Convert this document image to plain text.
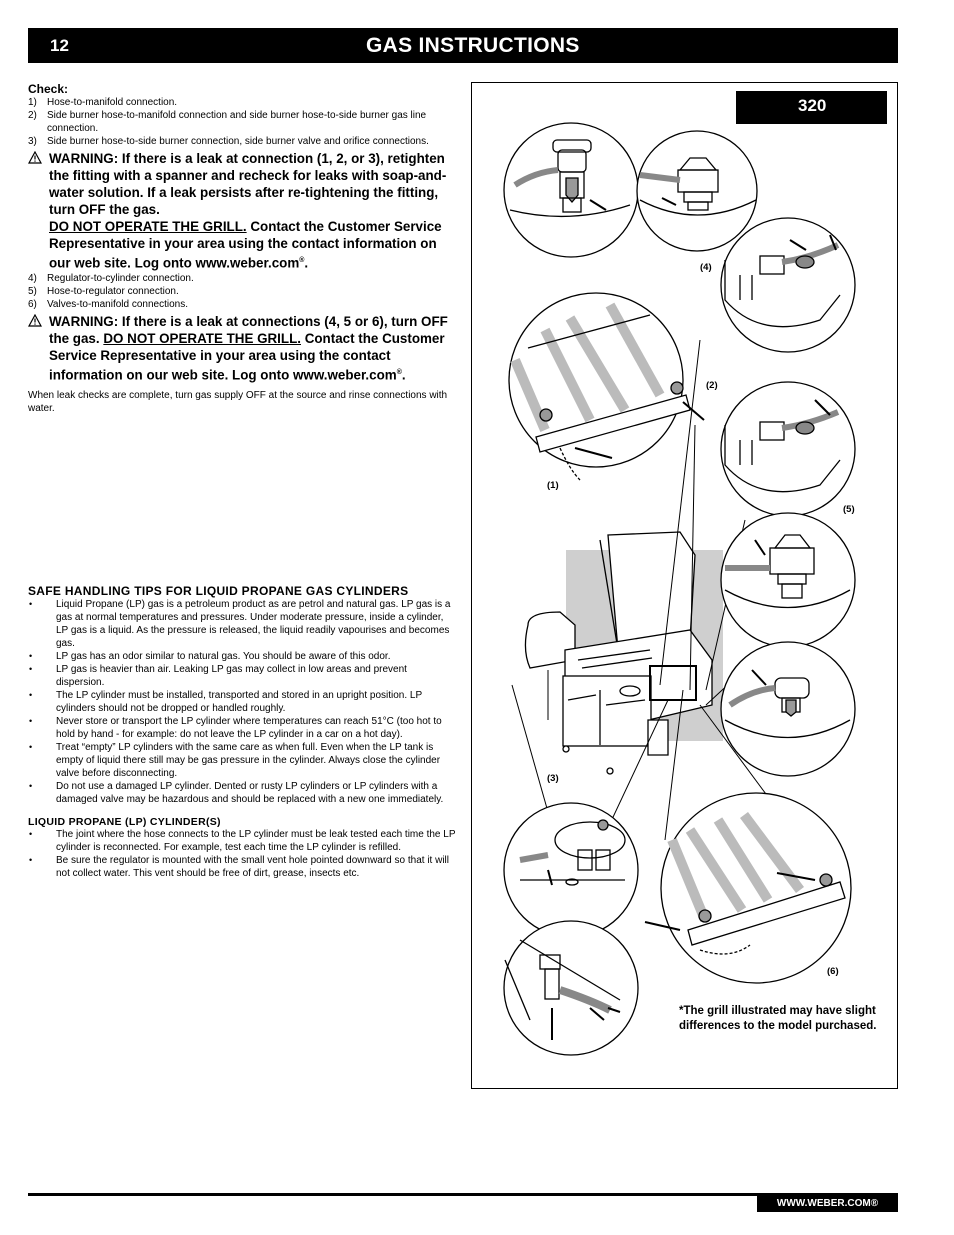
12	GAS INSTRUCTIONS
Check:
1) Hose-to-manifold connection.
2) Side burner hose-to-manifold connection and side burner hose-to-side burner gas line connection.
3) Side burner hose-to-side burner connection, side burner valve and orifice connections.
WARNING: If there is a leak at connection (1, 2, or 3), retighten the fitting with a spanner and recheck for leaks with soap-and-water solution. If a leak persists after re-tightening the fitting, turn OFF the gas.
DO NOT OPERATE THE GRILL. Contact the Customer Service Representative in your area using the contact information on our web site. Log onto www.weber.com®.
4) Regulator-to-cylinder connection.
5) Hose-to-regulator connection.
6) Valves-to-manifold connections.
WARNING: If there is a leak at connections (4, 5 or 6), turn OFF the gas. DO NOT OPERATE THE GRILL. Contact the Customer Service Representative in your area using the contact information on our web site. Log onto www.weber.com®.
When leak checks are complete, turn gas supply OFF at the source and rinse connections with water.
SAFE HANDLING TIPS FOR LIQUID PROPANE GAS CYLINDERS
• Liquid Propane (LP) gas is a petroleum product as are petrol and natural gas. LP gas is a gas at normal temperatures and pressures. Under moderate pressure, inside a cylinder, LP gas is a liquid. As the pressure is released, the liquid readily vapourises and becomes gas.
• LP gas has an odor similar to natural gas. You should be aware of this odor.
• LP gas is heavier than air. Leaking LP gas may collect in low areas and prevent dispersion.
• The LP cylinder must be installed, transported and stored in an upright position. LP cylinders should not be dropped or handled roughly.
• Never store or transport the LP cylinder where temperatures can reach 51°C (too hot to hold by hand - for example: do not leave the LP cylinder in a car on a hot day).
• Treat “empty” LP cylinders with the same care as when full. Even when the LP tank is empty of liquid there still may be gas pressure in the cylinder. Always close the cylinder valve before disconnecting.
• Do not use a damaged LP cylinder. Dented or rusty LP cylinders or LP cylinders with a damaged valve may be hazardous and should be replaced with a new one immediately.
LIQUID PROPANE (LP) CYLINDER(S)
• The joint where the hose connects to the LP cylinder must be leak tested each time the LP cylinder is reconnected. For example, test each time the LP cylinder is refilled.
• Be sure the regulator is mounted with the small vent hole pointed downward so that it will not collect water. This vent should be free of dirt, grease, insects etc.
320
(4)
(2)
(1)
(5)
(3)
(6)
*The grill illustrated may have slight differences to the model purchased.
WWW.WEBER.COM®
